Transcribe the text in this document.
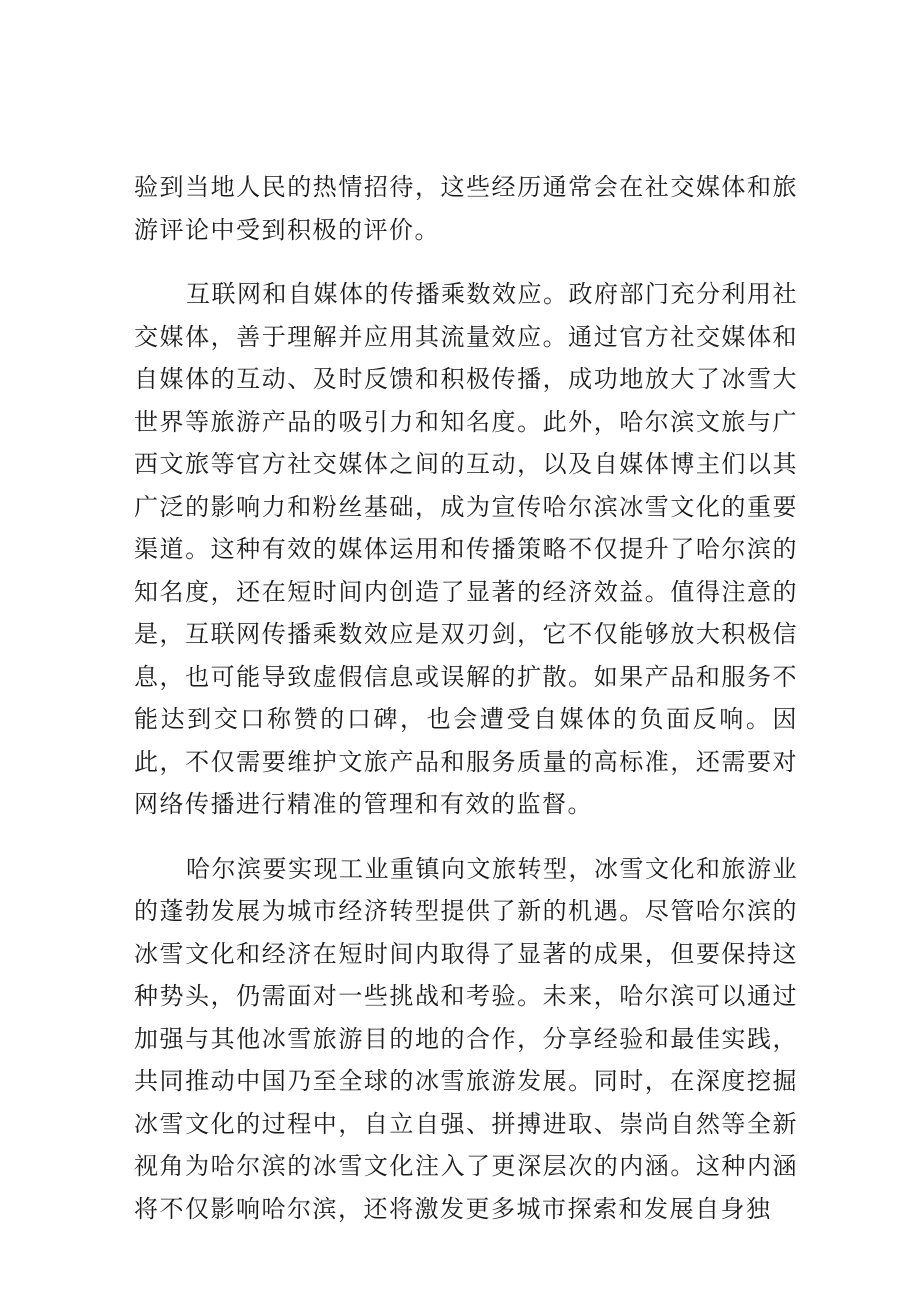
验到当地人民的热情招待，这些经历通常会在社交媒体和旅游评论中受到积极的评价。

互联网和自媒体的传播乘数效应。政府部门充分利用社交媒体，善于理解并应用其流量效应。通过官方社交媒体和自媒体的互动、及时反馈和积极传播，成功地放大了冰雪大世界等旅游产品的吸引力和知名度。此外，哈尔滨文旅与广西文旅等官方社交媒体之间的互动，以及自媒体博主们以其广泛的影响力和粉丝基础，成为宣传哈尔滨冰雪文化的重要渠道。这种有效的媒体运用和传播策略不仅提升了哈尔滨的知名度，还在短时间内创造了显著的经济效益。值得注意的是，互联网传播乘数效应是双刃剑，它不仅能够放大积极信息，也可能导致虚假信息或误解的扩散。如果产品和服务不能达到交口称赞的口碑，也会遭受自媒体的负面反响。因此，不仅需要维护文旅产品和服务质量的高标准，还需要对网络传播进行精准的管理和有效的监督。

哈尔滨要实现工业重镇向文旅转型，冰雪文化和旅游业的蓬勃发展为城市经济转型提供了新的机遇。尽管哈尔滨的冰雪文化和经济在短时间内取得了显著的成果，但要保持这种势头，仍需面对一些挑战和考验。未来，哈尔滨可以通过加强与其他冰雪旅游目的地的合作，分享经验和最佳实践，共同推动中国乃至全球的冰雪旅游发展。同时，在深度挖掘冰雪文化的过程中，自立自强、拼搏进取、崇尚自然等全新视角为哈尔滨的冰雪文化注入了更深层次的内涵。这种内涵将不仅影响哈尔滨，还将激发更多城市探索和发展自身独
